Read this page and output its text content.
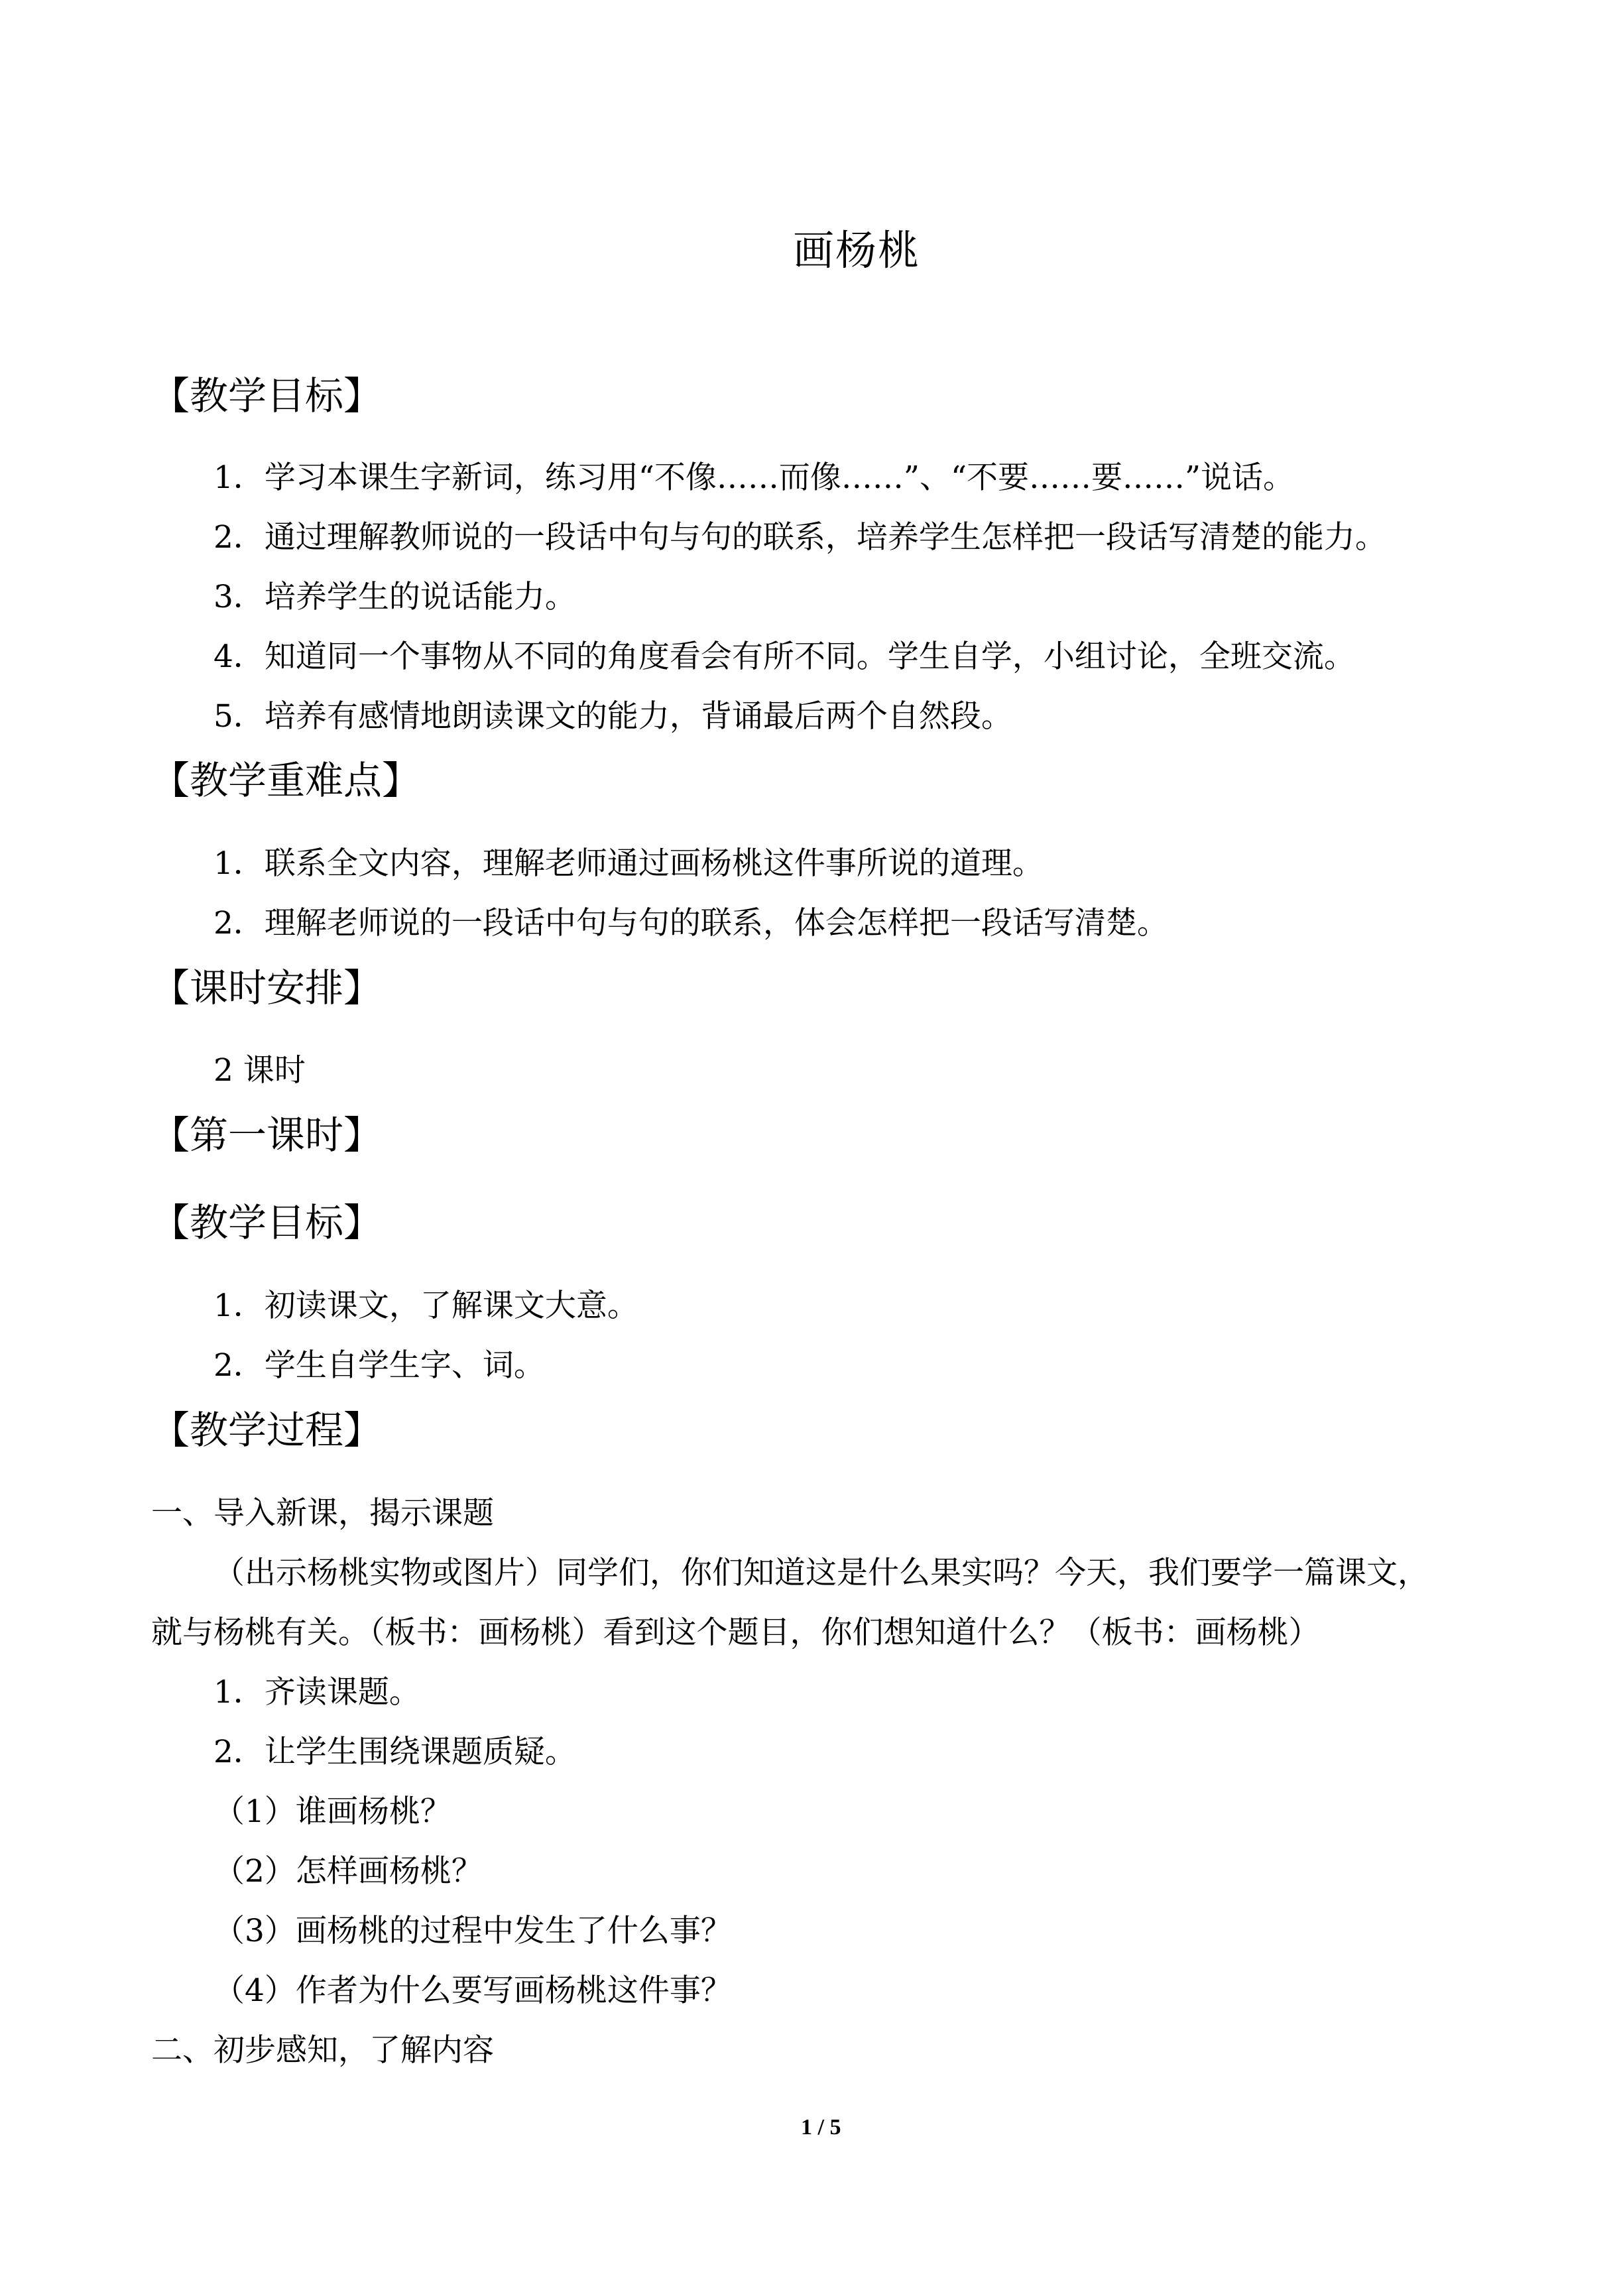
画杨桃
【教学目标】
1．学习本课生字新词，练习用“不像……而像……”、“不要……要……”说话。
2．通过理解教师说的一段话中句与句的联系，培养学生怎样把一段话写清楚的能力。
3．培养学生的说话能力。
4．知道同一个事物从不同的角度看会有所不同。学生自学，小组讨论，全班交流。
5．培养有感情地朗读课文的能力，背诵最后两个自然段。
【教学重难点】
1．联系全文内容，理解老师通过画杨桃这件事所说的道理。
2．理解老师说的一段话中句与句的联系，体会怎样把一段话写清楚。
【课时安排】
2 课时
【第一课时】
【教学目标】
1．初读课文，了解课文大意。
2．学生自学生字、词。
【教学过程】
一、导入新课，揭示课题
（出示杨桃实物或图片）同学们，你们知道这是什么果实吗？今天，我们要学一篇课文，
就与杨桃有关。（板书：画杨桃）看到这个题目，你们想知道什么？（板书：画杨桃）
1．齐读课题。
2．让学生围绕课题质疑。
（1）谁画杨桃？
（2）怎样画杨桃？
（3）画杨桃的过程中发生了什么事？
（4）作者为什么要写画杨桃这件事？
二、初步感知，了解内容
1 / 5
